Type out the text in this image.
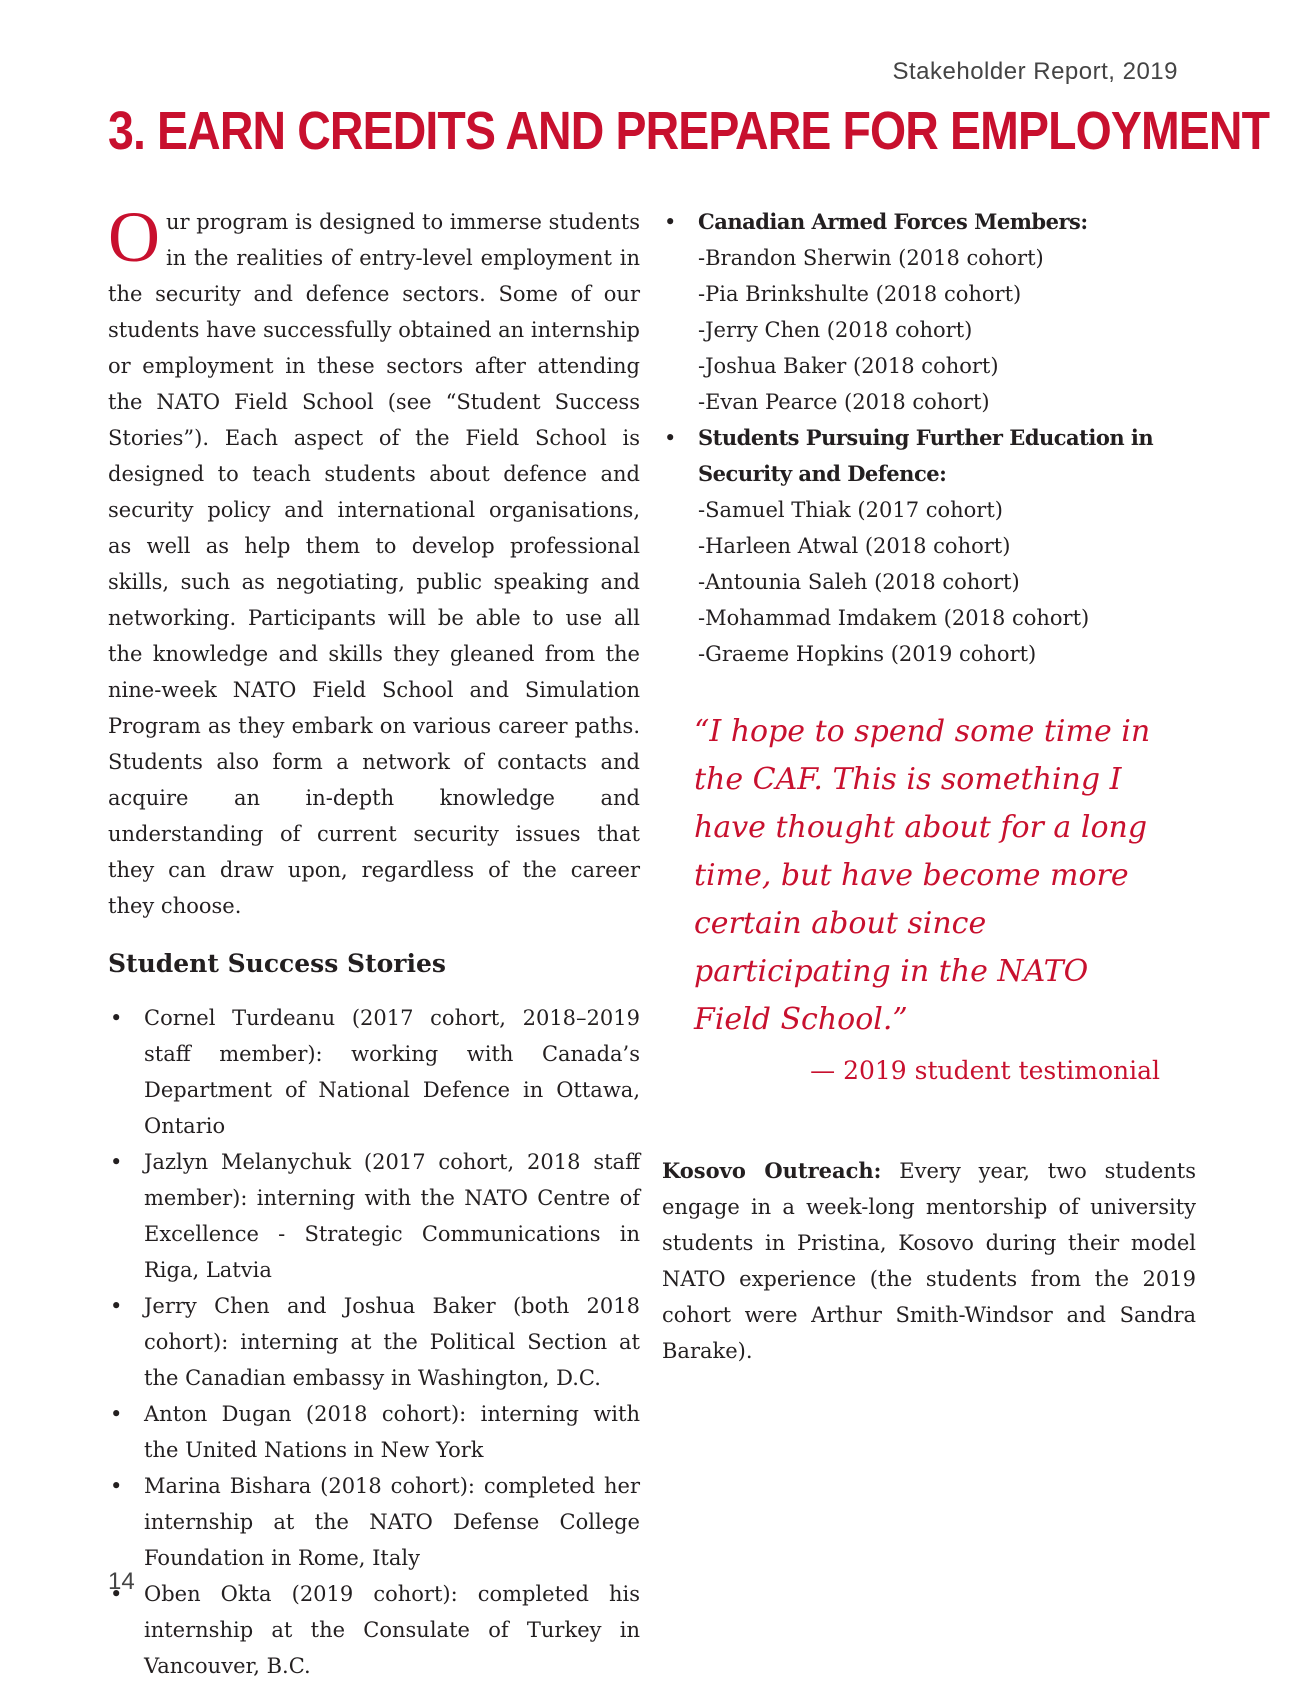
Stakeholder Report, 2019
3. EARN CREDITS AND PREPARE FOR EMPLOYMENT

Our program is designed to immerse students in the realities of entry-level employment in the security and defence sectors. Some of our students have successfully obtained an internship or employment in these sectors after attending the NATO Field School (see “Student Success Stories”). Each aspect of the Field School is designed to teach students about defence and security policy and international organisations, as well as help them to develop professional skills, such as negotiating, public speaking and networking. Participants will be able to use all the knowledge and skills they gleaned from the nine-week NATO Field School and Simulation Program as they embark on various career paths. Students also form a network of contacts and acquire an in-depth knowledge and understanding of current security issues that they can draw upon, regardless of the career they choose.

Student Success Stories
• Cornel Turdeanu (2017 cohort, 2018–2019 staff member): working with Canada’s Department of National Defence in Ottawa, Ontario
• Jazlyn Melanychuk (2017 cohort, 2018 staff member): interning with the NATO Centre of Excellence - Strategic Communications in Riga, Latvia
• Jerry Chen and Joshua Baker (both 2018 cohort): interning at the Political Section at the Canadian embassy in Washington, D.C.
• Anton Dugan (2018 cohort): interning with the United Nations in New York
• Marina Bishara (2018 cohort): completed her internship at the NATO Defense College Foundation in Rome, Italy
• Oben Okta (2019 cohort): completed his internship at the Consulate of Turkey in Vancouver, B.C.
• Canadian Armed Forces Members:
-Brandon Sherwin (2018 cohort)
-Pia Brinkshulte (2018 cohort)
-Jerry Chen (2018 cohort)
-Joshua Baker (2018 cohort)
-Evan Pearce (2018 cohort)
• Students Pursuing Further Education in Security and Defence:
-Samuel Thiak (2017 cohort)
-Harleen Atwal (2018 cohort)
-Antounia Saleh (2018 cohort)
-Mohammad Imdakem (2018 cohort)
-Graeme Hopkins (2019 cohort)
“I hope to spend some time in the CAF. This is something I have thought about for a long time, but have become more certain about since participating in the NATO Field School.”
— 2019 student testimonial

Kosovo Outreach: Every year, two students engage in a week-long mentorship of university students in Pristina, Kosovo during their model NATO experience (the students from the 2019 cohort were Arthur Smith-Windsor and Sandra Barake).

14
